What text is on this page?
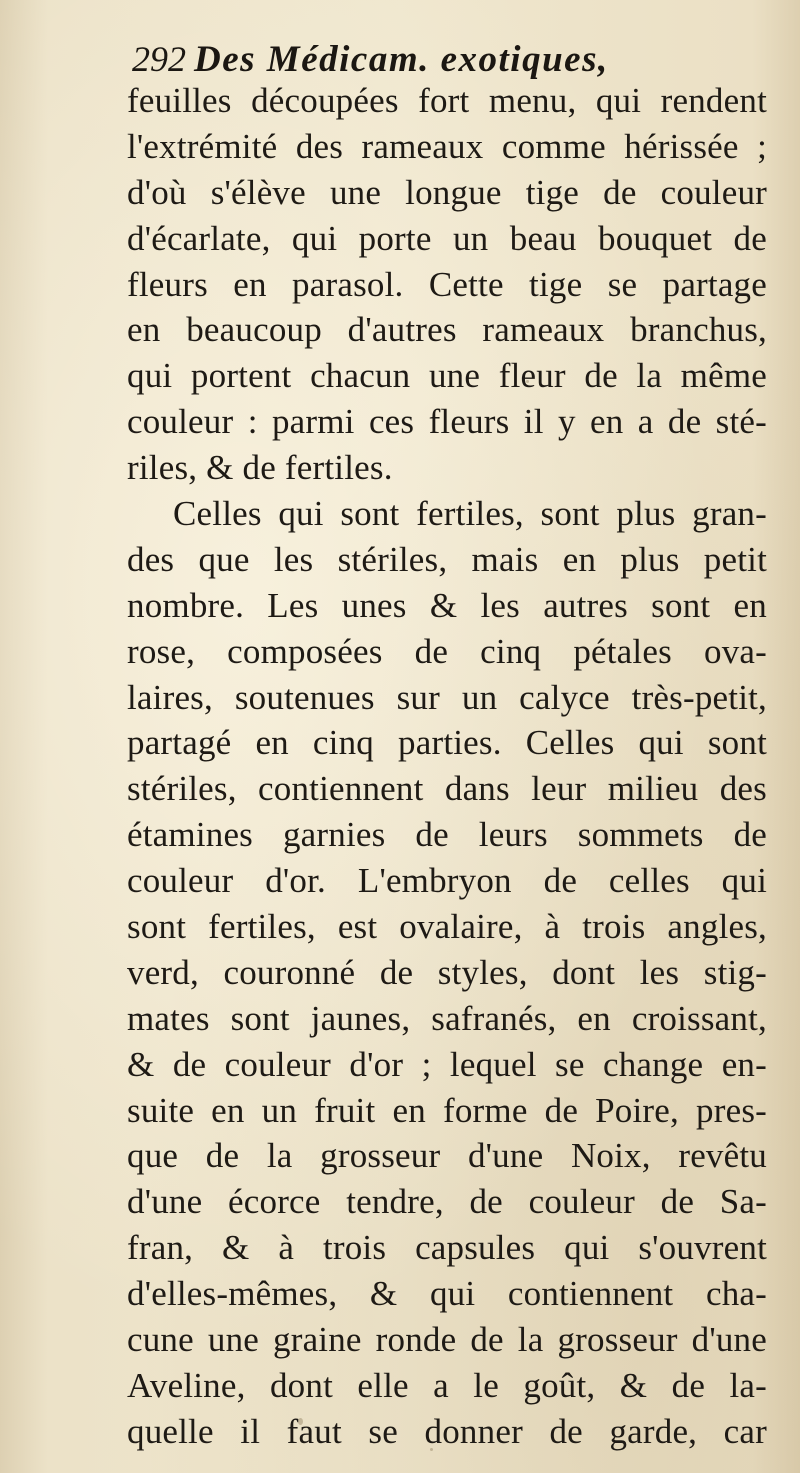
292 Des Médicam. exotiques,
feuilles découpées fort menu, qui rendent
l'extrémité des rameaux comme hérissée ;
d'où s'élève une longue tige de couleur
d'écarlate, qui porte un beau bouquet de
fleurs en parasol. Cette tige se partage
en beaucoup d'autres rameaux branchus,
qui portent chacun une fleur de la même
couleur : parmi ces fleurs il y en a de sté-
riles, & de fertiles.
Celles qui sont fertiles, sont plus gran-
des que les stériles, mais en plus petit
nombre. Les unes & les autres sont en
rose, composées de cinq pétales ova-
laires, soutenues sur un calyce très-petit,
partagé en cinq parties. Celles qui sont
stériles, contiennent dans leur milieu des
étamines garnies de leurs sommets de
couleur d'or. L'embryon de celles qui
sont fertiles, est ovalaire, à trois angles,
verd, couronné de styles, dont les stig-
mates sont jaunes, safranés, en croissant,
& de couleur d'or ; lequel se change en-
suite en un fruit en forme de Poire, pres-
que de la grosseur d'une Noix, revêtu
d'une écorce tendre, de couleur de Sa-
fran, & à trois capsules qui s'ouvrent
d'elles-mêmes, & qui contiennent cha-
cune une graine ronde de la grosseur d'une
Aveline, dont elle a le goût, & de la-
quelle il faut se donner de garde, car
